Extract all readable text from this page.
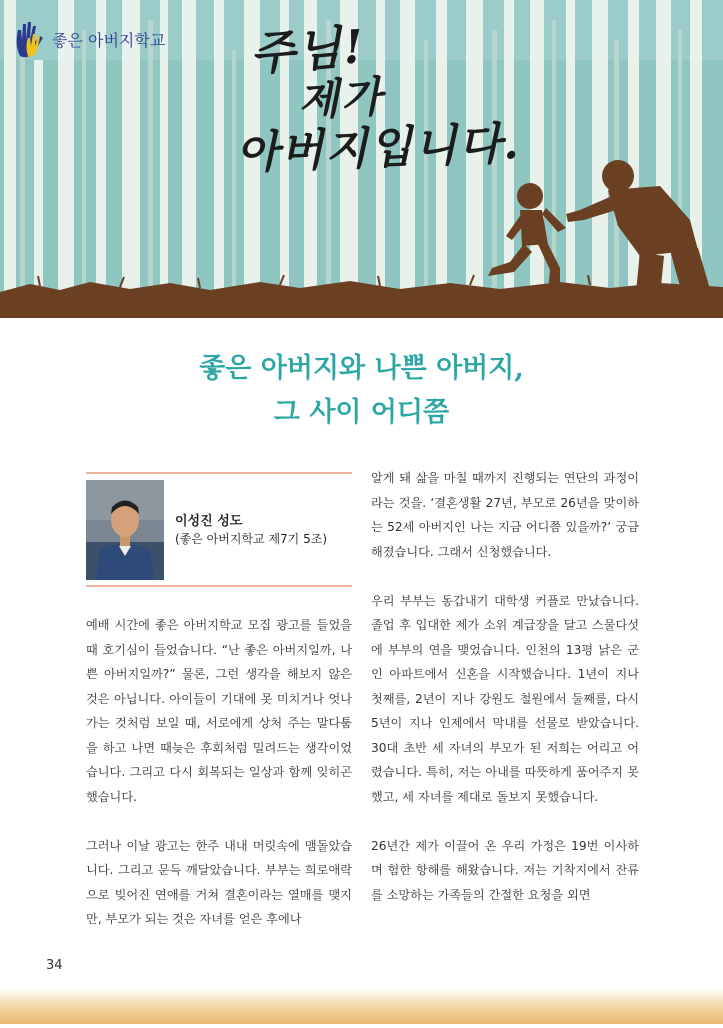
좋은 아버지학교 주님!
제가
아버지입니다.
좋은 아버지와 나쁜 아버지,
그 사이 어디쯤
이성진 성도
(좋은 아버지학교 제7기 5조)
예배 시간에 좋은 아버지학교 모집 광고를 들었을 때 호기심이 들었습니다. “난 좋은 아버지일까, 나쁜 아버지일까?” 물론, 그런 생각을 해보지 않은 것은 아닙니다. 아이들이 기대에 못 미치거나 엇나가는 것처럼 보일 때, 서로에게 상처 주는 말다툼을 하고 나면 때늦은 후회처럼 밀려드는 생각이었습니다. 그리고 다시 회복되는 일상과 함께 잊히곤 했습니다.

그러나 이날 광고는 한주 내내 머릿속에 맴돌았습니다. 그리고 문득 깨달았습니다. 부부는 희로애락으로 빚어진 연애를 거쳐 결혼이라는 열매를 맺지만, 부모가 되는 것은 자녀를 얻은 후에나
알게 돼 삶을 마칠 때까지 진행되는 연단의 과정이라는 것을. ‘결혼생활 27년, 부모로 26년을 맞이하는 52세 아버지인 나는 지금 어디쯤 있을까?’ 궁금해졌습니다. 그래서 신청했습니다.

우리 부부는 동갑내기 대학생 커플로 만났습니다. 졸업 후 입대한 제가 소위 계급장을 달고 스물다섯에 부부의 연을 맺었습니다. 인천의 13평 낡은 군인 아파트에서 신혼을 시작했습니다. 1년이 지나 첫째를, 2년이 지나 강원도 철원에서 둘째를, 다시 5년이 지나 인제에서 막내를 선물로 받았습니다. 30대 초반 세 자녀의 부모가 된 저희는 어리고 어렸습니다. 특히, 저는 아내를 따뜻하게 품어주지 못했고, 세 자녀를 제대로 돌보지 못했습니다.

26년간 제가 이끌어 온 우리 가정은 19번 이사하며 험한 항해를 해왔습니다. 저는 기착지에서 잔류를 소망하는 가족들의 간절한 요청을 외면
34
